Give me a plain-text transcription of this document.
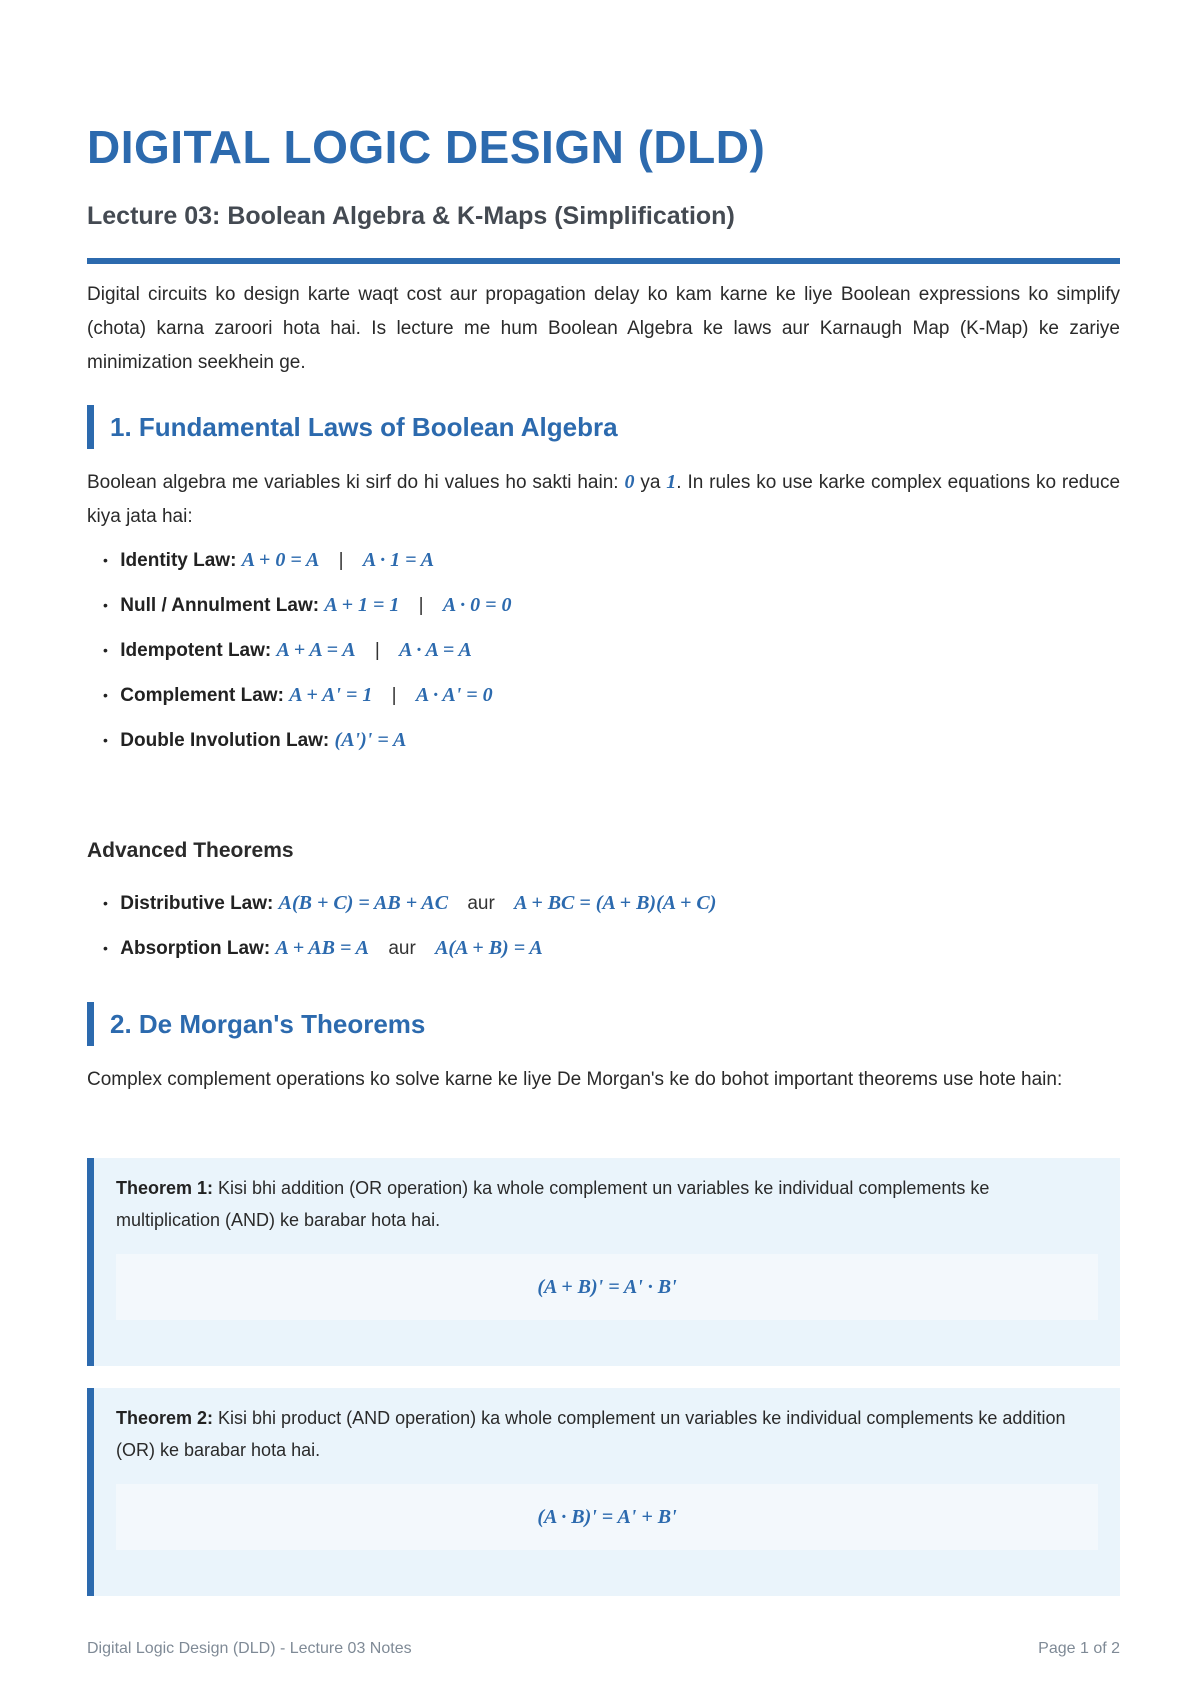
DIGITAL LOGIC DESIGN (DLD)
Lecture 03: Boolean Algebra & K-Maps (Simplification)

Digital circuits ko design karte waqt cost aur propagation delay ko kam karne ke liye Boolean expressions ko simplify (chota) karna zaroori hota hai. Is lecture me hum Boolean Algebra ke laws aur Karnaugh Map (K-Map) ke zariye minimization seekhein ge.

1. Fundamental Laws of Boolean Algebra

Boolean algebra me variables ki sirf do hi values ho sakti hain: 0 ya 1. In rules ko use karke complex equations ko reduce kiya jata hai:

• Identity Law: A + 0 = A | A · 1 = A
• Null / Annulment Law: A + 1 = 1 | A · 0 = 0
• Idempotent Law: A + A = A | A · A = A
• Complement Law: A + A' = 1 | A · A' = 0
• Double Involution Law: (A')' = A
Advanced Theorems
• Distributive Law: A(B + C) = AB + AC aur A + BC = (A + B)(A + C)
• Absorption Law: A + AB = A aur A(A + B) = A
2. De Morgan's Theorems

Complex complement operations ko solve karne ke liye De Morgan's ke do bohot important theorems use hote hain:

Theorem 1: Kisi bhi addition (OR operation) ka whole complement un variables ke individual complements ke multiplication (AND) ke barabar hota hai.

(A + B)' = A' · B'

Theorem 2: Kisi bhi product (AND operation) ka whole complement un variables ke individual complements ke addition (OR) ke barabar hota hai.

(A · B)' = A' + B'
Digital Logic Design (DLD) - Lecture 03 Notes	Page 1 of 2
